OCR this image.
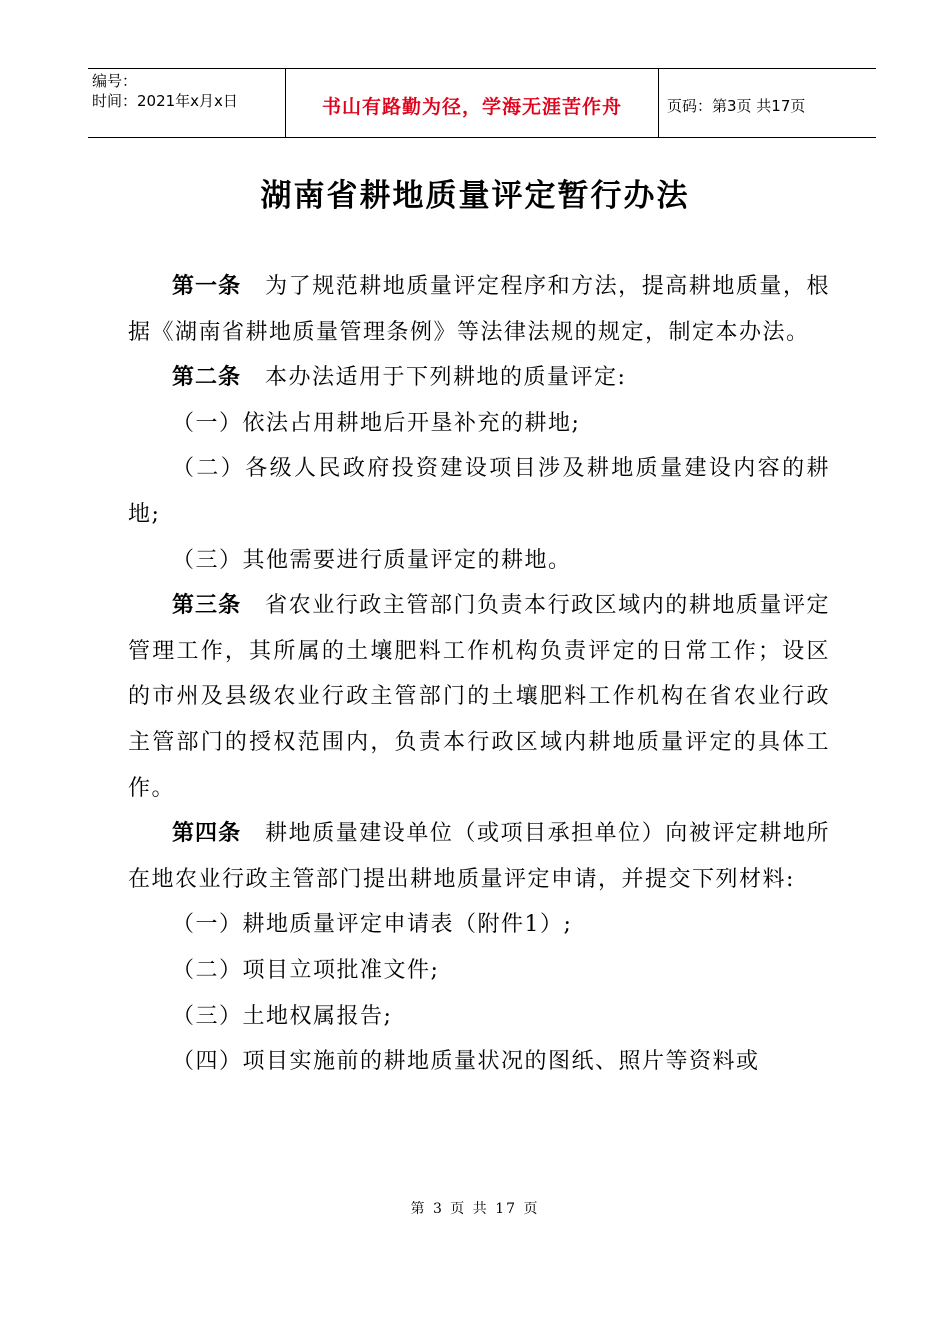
编号：
时间：2021年x月x日	书山有路勤为径，学海无涯苦作舟	页码：第3页 共17页
湖南省耕地质量评定暂行办法

第一条 为了规范耕地质量评定程序和方法，提高耕地质量，根据《湖南省耕地质量管理条例》等法律法规的规定，制定本办法。

第二条 本办法适用于下列耕地的质量评定:

（一）依法占用耕地后开垦补充的耕地;

（二）各级人民政府投资建设项目涉及耕地质量建设内容的耕地;

（三）其他需要进行质量评定的耕地。

第三条 省农业行政主管部门负责本行政区域内的耕地质量评定管理工作，其所属的土壤肥料工作机构负责评定的日常工作；设区的市州及县级农业行政主管部门的土壤肥料工作机构在省农业行政主管部门的授权范围内，负责本行政区域内耕地质量评定的具体工作。

第四条 耕地质量建设单位（或项目承担单位）向被评定耕地所在地农业行政主管部门提出耕地质量评定申请，并提交下列材料:

（一）耕地质量评定申请表（附件1）;

（二）项目立项批准文件;

（三）土地权属报告;

（四）项目实施前的耕地质量状况的图纸、照片等资料或

第 3 页 共 17 页
